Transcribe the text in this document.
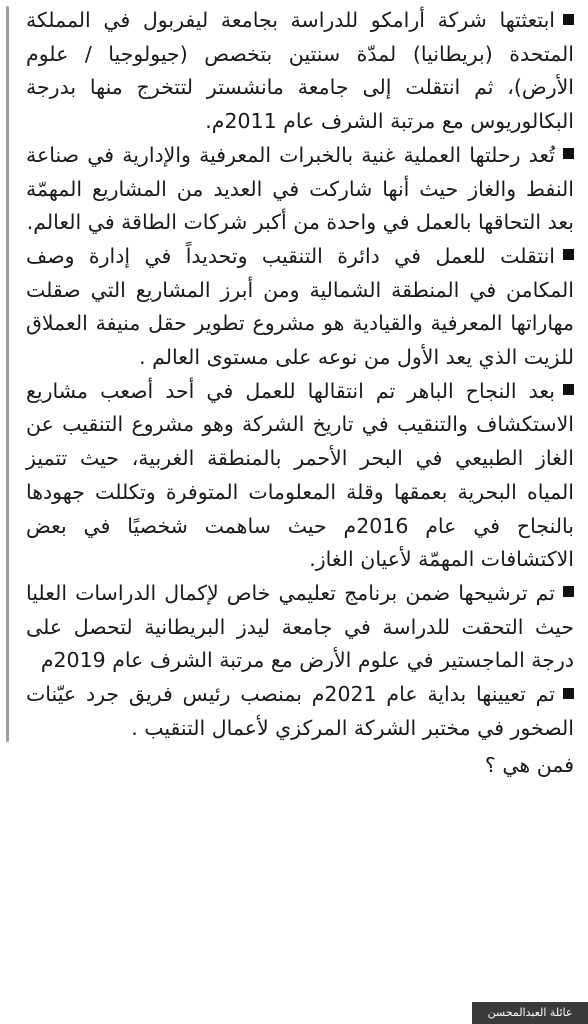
ابتعثتها شركة أرامكو للدراسة بجامعة ليفربول في المملكة المتحدة (بريطانيا) لمدّة سنتين بتخصص (جيولوجيا / علوم الأرض)، ثم انتقلت إلى جامعة مانشستر لتتخرج منها بدرجة البكالوريوس مع مرتبة الشرف عام 2011م.

تُعد رحلتها العملية غنية بالخبرات المعرفية والإدارية في صناعة النفط والغاز حيث أنها شاركت في العديد من المشاريع المهمّة بعد التحاقها بالعمل في واحدة من أكبر شركات الطاقة في العالم.

انتقلت للعمل في دائرة التنقيب وتحديداً في إدارة وصف المكامن في المنطقة الشمالية ومن أبرز المشاريع التي صقلت مهاراتها المعرفية والقيادية هو مشروع تطوير حقل منيفة العملاق للزيت الذي يعد الأول من نوعه على مستوى العالم .

بعد النجاح الباهر تم انتقالها للعمل في أحد أصعب مشاريع الاستكشاف والتنقيب في تاريخ الشركة وهو مشروع التنقيب عن الغاز الطبيعي في البحر الأحمر بالمنطقة الغربية، حيث تتميز المياه البحرية بعمقها وقلة المعلومات المتوفرة وتكللت جهودها بالنجاح في عام 2016م حيث ساهمت شخصيًا في بعض الاكتشافات المهمّة لأعيان الغاز.

تم ترشيحها ضمن برنامج تعليمي خاص لإكمال الدراسات العليا حيث التحقت للدراسة في جامعة ليدز البريطانية لتحصل على درجة الماجستير في علوم الأرض مع مرتبة الشرف عام 2019م

تم تعيينها بداية عام 2021م بمنصب رئيس فريق جرد عيّنات الصخور في مختبر الشركة المركزي لأعمال التنقيب .

فمن هي ؟

عائلة العبدالمحسن
